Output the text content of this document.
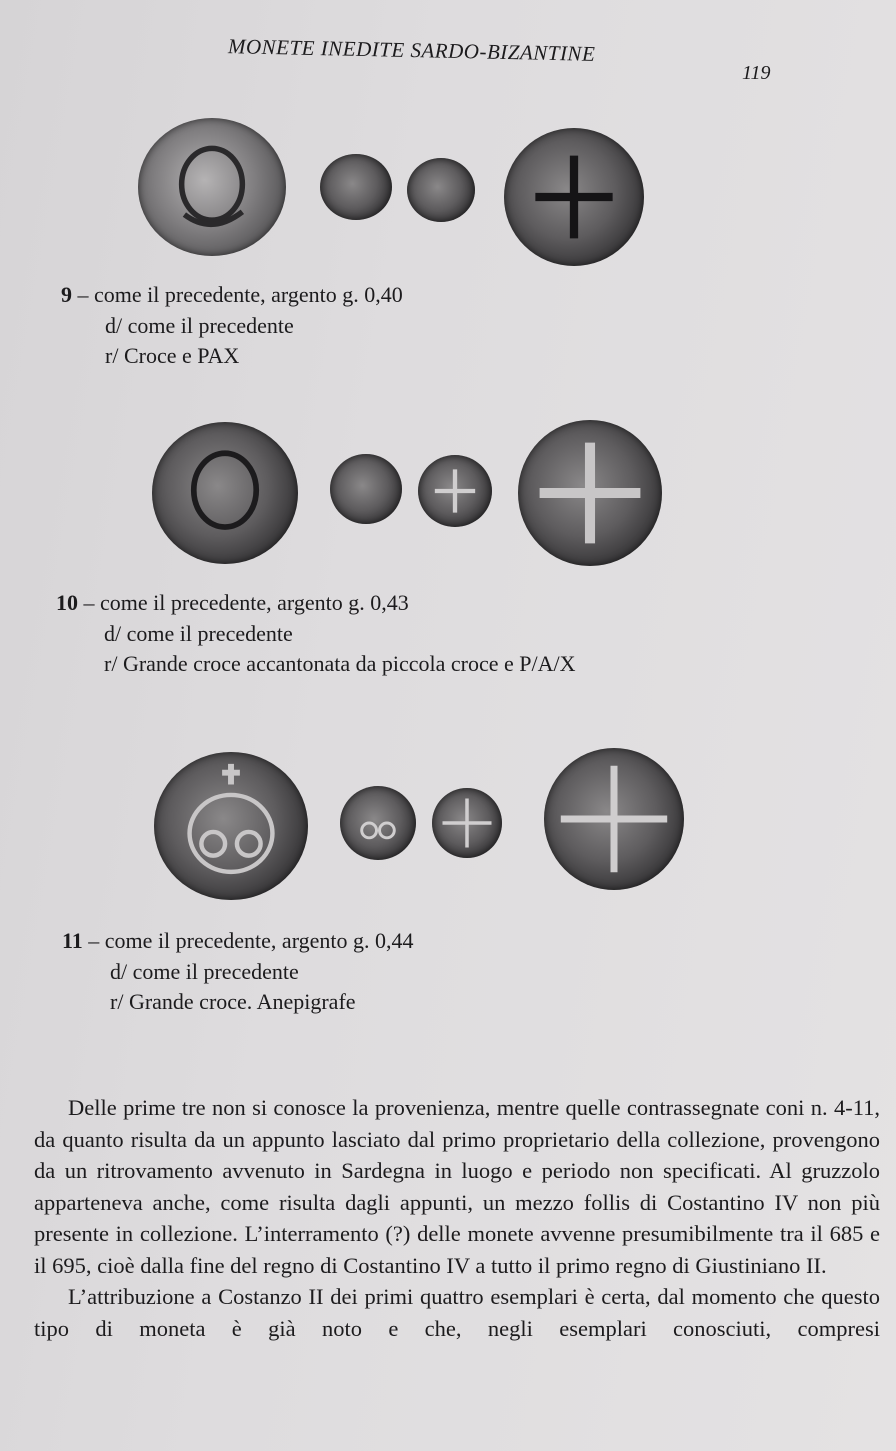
MONETE INEDITE SARDO-BIZANTINE
119
9 – come il precedente, argento g. 0,40
d/ come il precedente
r/ Croce e PAX
10 – come il precedente, argento g. 0,43
d/ come il precedente
r/ Grande croce accantonata da piccola croce e P/A/X
11 – come il precedente, argento g. 0,44
d/ come il precedente
r/ Grande croce. Anepigrafe

Delle prime tre non si conosce la provenienza, mentre quelle contrassegnate coni n. 4-11, da quanto risulta da un appunto lasciato dal primo proprietario della collezione, provengono da un ritrovamento avvenuto in Sardegna in luogo e periodo non specificati. Al gruzzolo apparteneva anche, come risulta dagli appunti, un mezzo follis di Costantino IV non più presente in collezione. L’interramento (?) delle monete avvenne presumibilmente tra il 685 e il 695, cioè dalla fine del regno di Costantino IV a tutto il primo regno di Giustiniano II.

L’attribuzione a Costanzo II dei primi quattro esemplari è certa, dal momento che questo tipo di moneta è già noto e che, negli esemplari conosciuti, compresi
